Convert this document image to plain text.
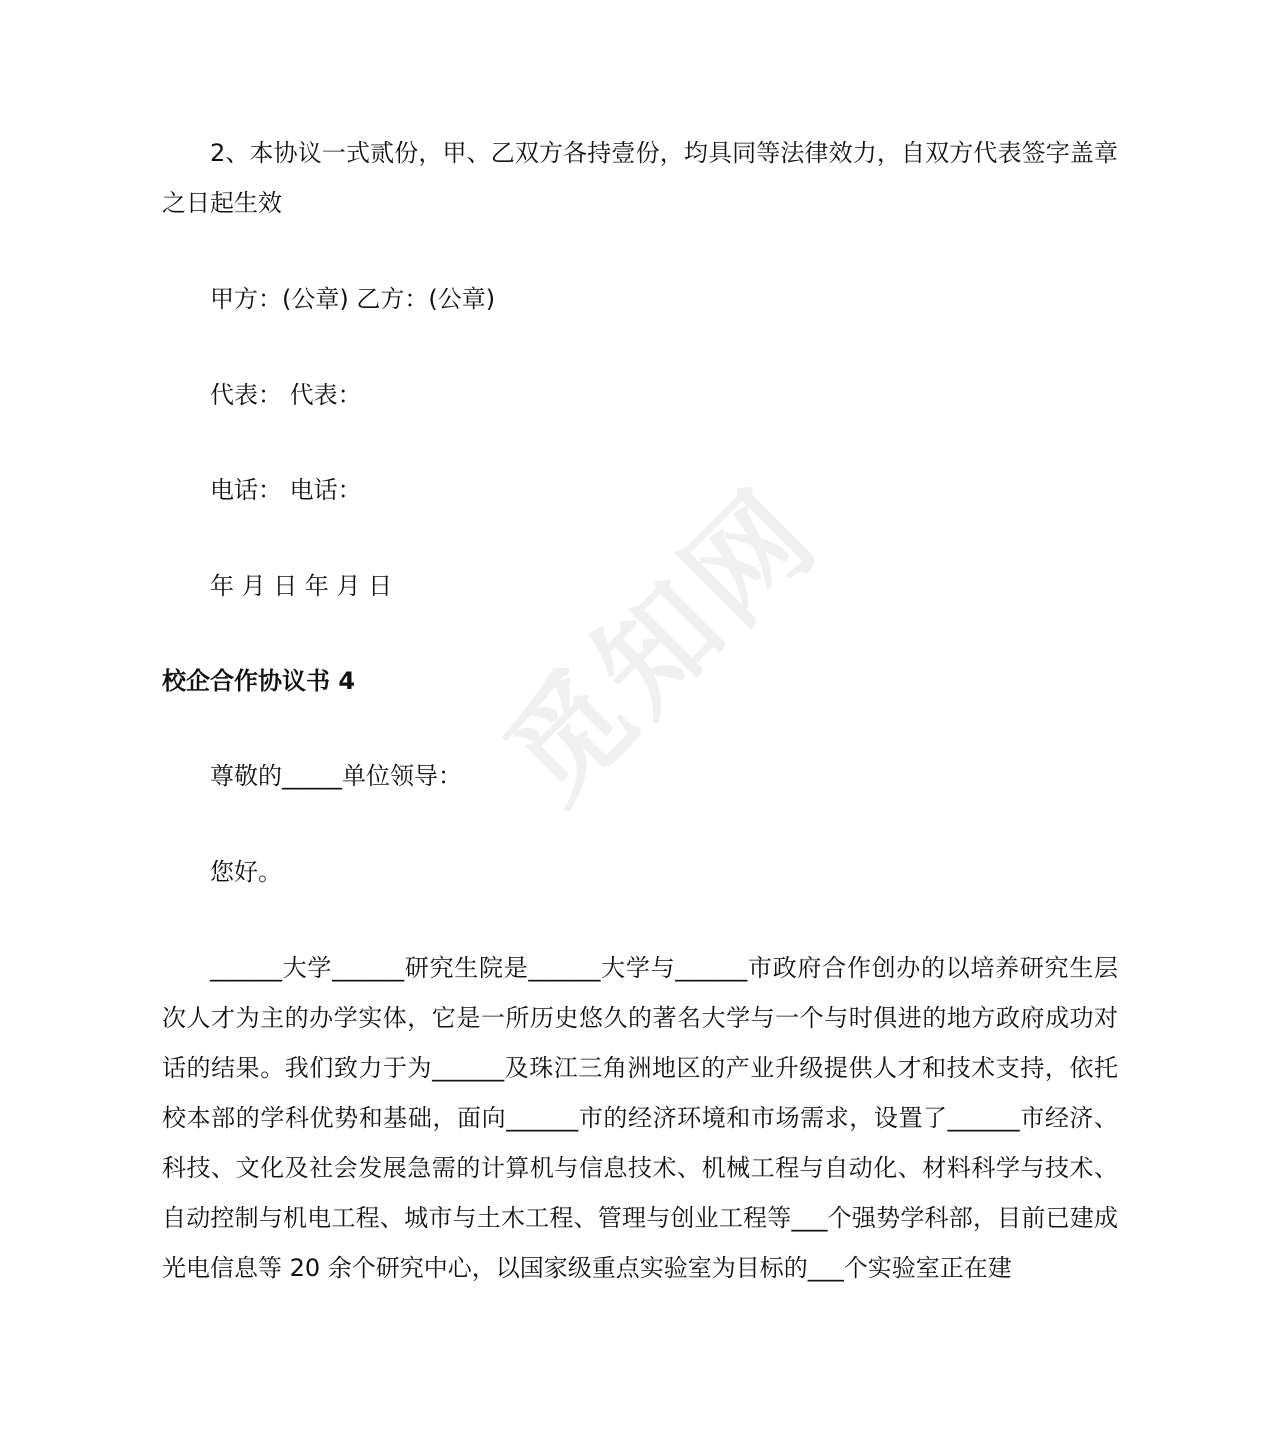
觅知网

2、本协议一式贰份，甲、乙双方各持壹份，均具同等法律效力，自双方代表签字盖章之日起生效

甲方：(公章) 乙方：(公章)

代表： 代表：

电话： 电话：

年 月 日 年 月 日

校企合作协议书 4

尊敬的_____单位领导：

您好。

______大学______研究生院是______大学与______市政府合作创办的以培养研究生层次人才为主的办学实体，它是一所历史悠久的著名大学与一个与时俱进的地方政府成功对话的结果。我们致力于为______及珠江三角洲地区的产业升级提供人才和技术支持，依托校本部的学科优势和基础，面向______市的经济环境和市场需求，设置了______市经济、科技、文化及社会发展急需的计算机与信息技术、机械工程与自动化、材料科学与技术、自动控制与机电工程、城市与土木工程、管理与创业工程等___个强势学科部，目前已建成光电信息等 20 余个研究中心，以国家级重点实验室为目标的___个实验室正在建
